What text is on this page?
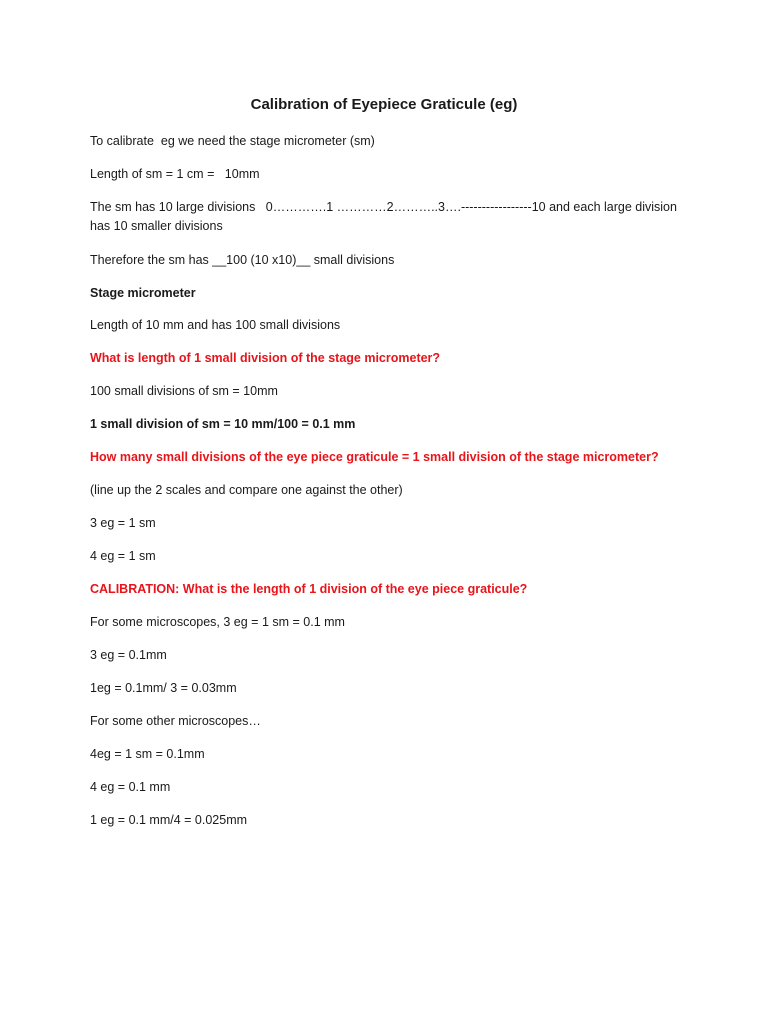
Calibration of Eyepiece Graticule (eg)
To calibrate  eg we need the stage micrometer (sm)
Length of sm = 1 cm =   10mm
The sm has 10 large divisions   0………….1 …………2………..3….-----------------10 and each large division has 10 smaller divisions
Therefore the sm has __100 (10 x10)__ small divisions
Stage micrometer
Length of 10 mm and has 100 small divisions
What is length of 1 small division of the stage micrometer?
100 small divisions of sm = 10mm
1 small division of sm = 10 mm/100 = 0.1 mm
How many small divisions of the eye piece graticule = 1 small division of the stage micrometer?
(line up the 2 scales and compare one against the other)
3 eg = 1 sm
4 eg = 1 sm
CALIBRATION: What is the length of 1 division of the eye piece graticule?
For some microscopes, 3 eg = 1 sm = 0.1 mm
3 eg = 0.1mm
1eg = 0.1mm/ 3 = 0.03mm
For some other microscopes…
4eg = 1 sm = 0.1mm
4 eg = 0.1 mm
1 eg = 0.1 mm/4 = 0.025mm
